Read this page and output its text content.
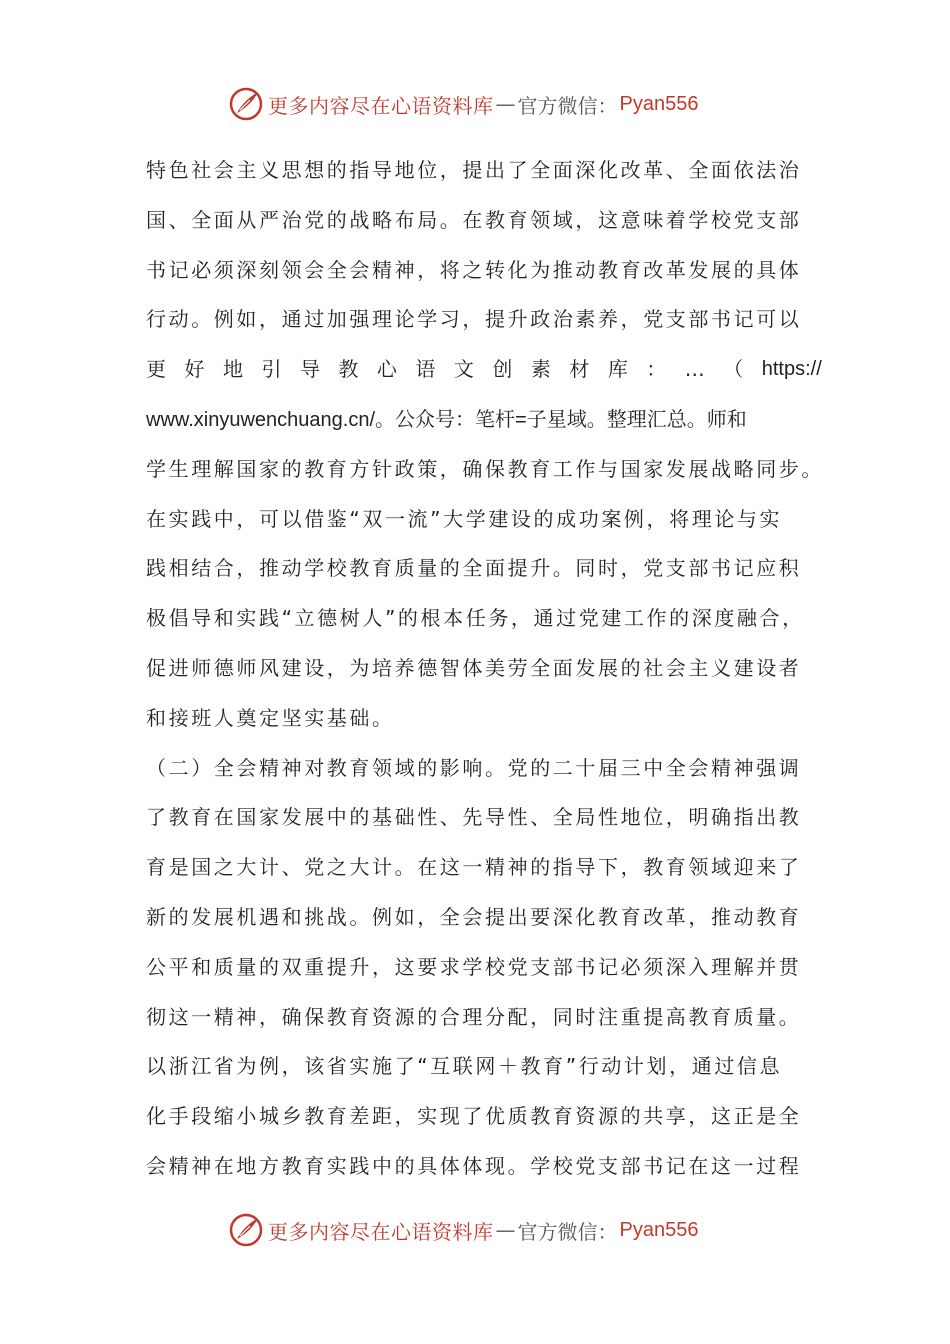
更多内容尽在心语资料库 — 官方微信： Pyan556
特色社会主义思想的指导地位，提出了全面深化改革、全面依法治
国、全面从严治党的战略布局。在教育领域，这意味着学校党支部
书记必须深刻领会全会精神，将之转化为推动教育改革发展的具体
行动。例如，通过加强理论学习，提升政治素养，党支部书记可以
更 好 地 引 导 教 心 语 文 创 素 材 库 ： … （ https://
www.xinyuwenchuang.cn/。公众号：笔杆=子星域。整理汇总。师和
学生理解国家的教育方针政策，确保教育工作与国家发展战略同步。
在实践中，可以借鉴“双一流”大学建设的成功案例，将理论与实
践相结合，推动学校教育质量的全面提升。同时，党支部书记应积
极倡导和实践“立德树人”的根本任务，通过党建工作的深度融合，
促进师德师风建设，为培养德智体美劳全面发展的社会主义建设者
和接班人奠定坚实基础。
（二）全会精神对教育领域的影响。党的二十届三中全会精神强调
了教育在国家发展中的基础性、先导性、全局性地位，明确指出教
育是国之大计、党之大计。在这一精神的指导下，教育领域迎来了
新的发展机遇和挑战。例如，全会提出要深化教育改革，推动教育
公平和质量的双重提升，这要求学校党支部书记必须深入理解并贯
彻这一精神，确保教育资源的合理分配，同时注重提高教育质量。
以浙江省为例，该省实施了“互联网＋教育”行动计划，通过信息
化手段缩小城乡教育差距，实现了优质教育资源的共享，这正是全
会精神在地方教育实践中的具体体现。学校党支部书记在这一过程
更多内容尽在心语资料库 — 官方微信： Pyan556
